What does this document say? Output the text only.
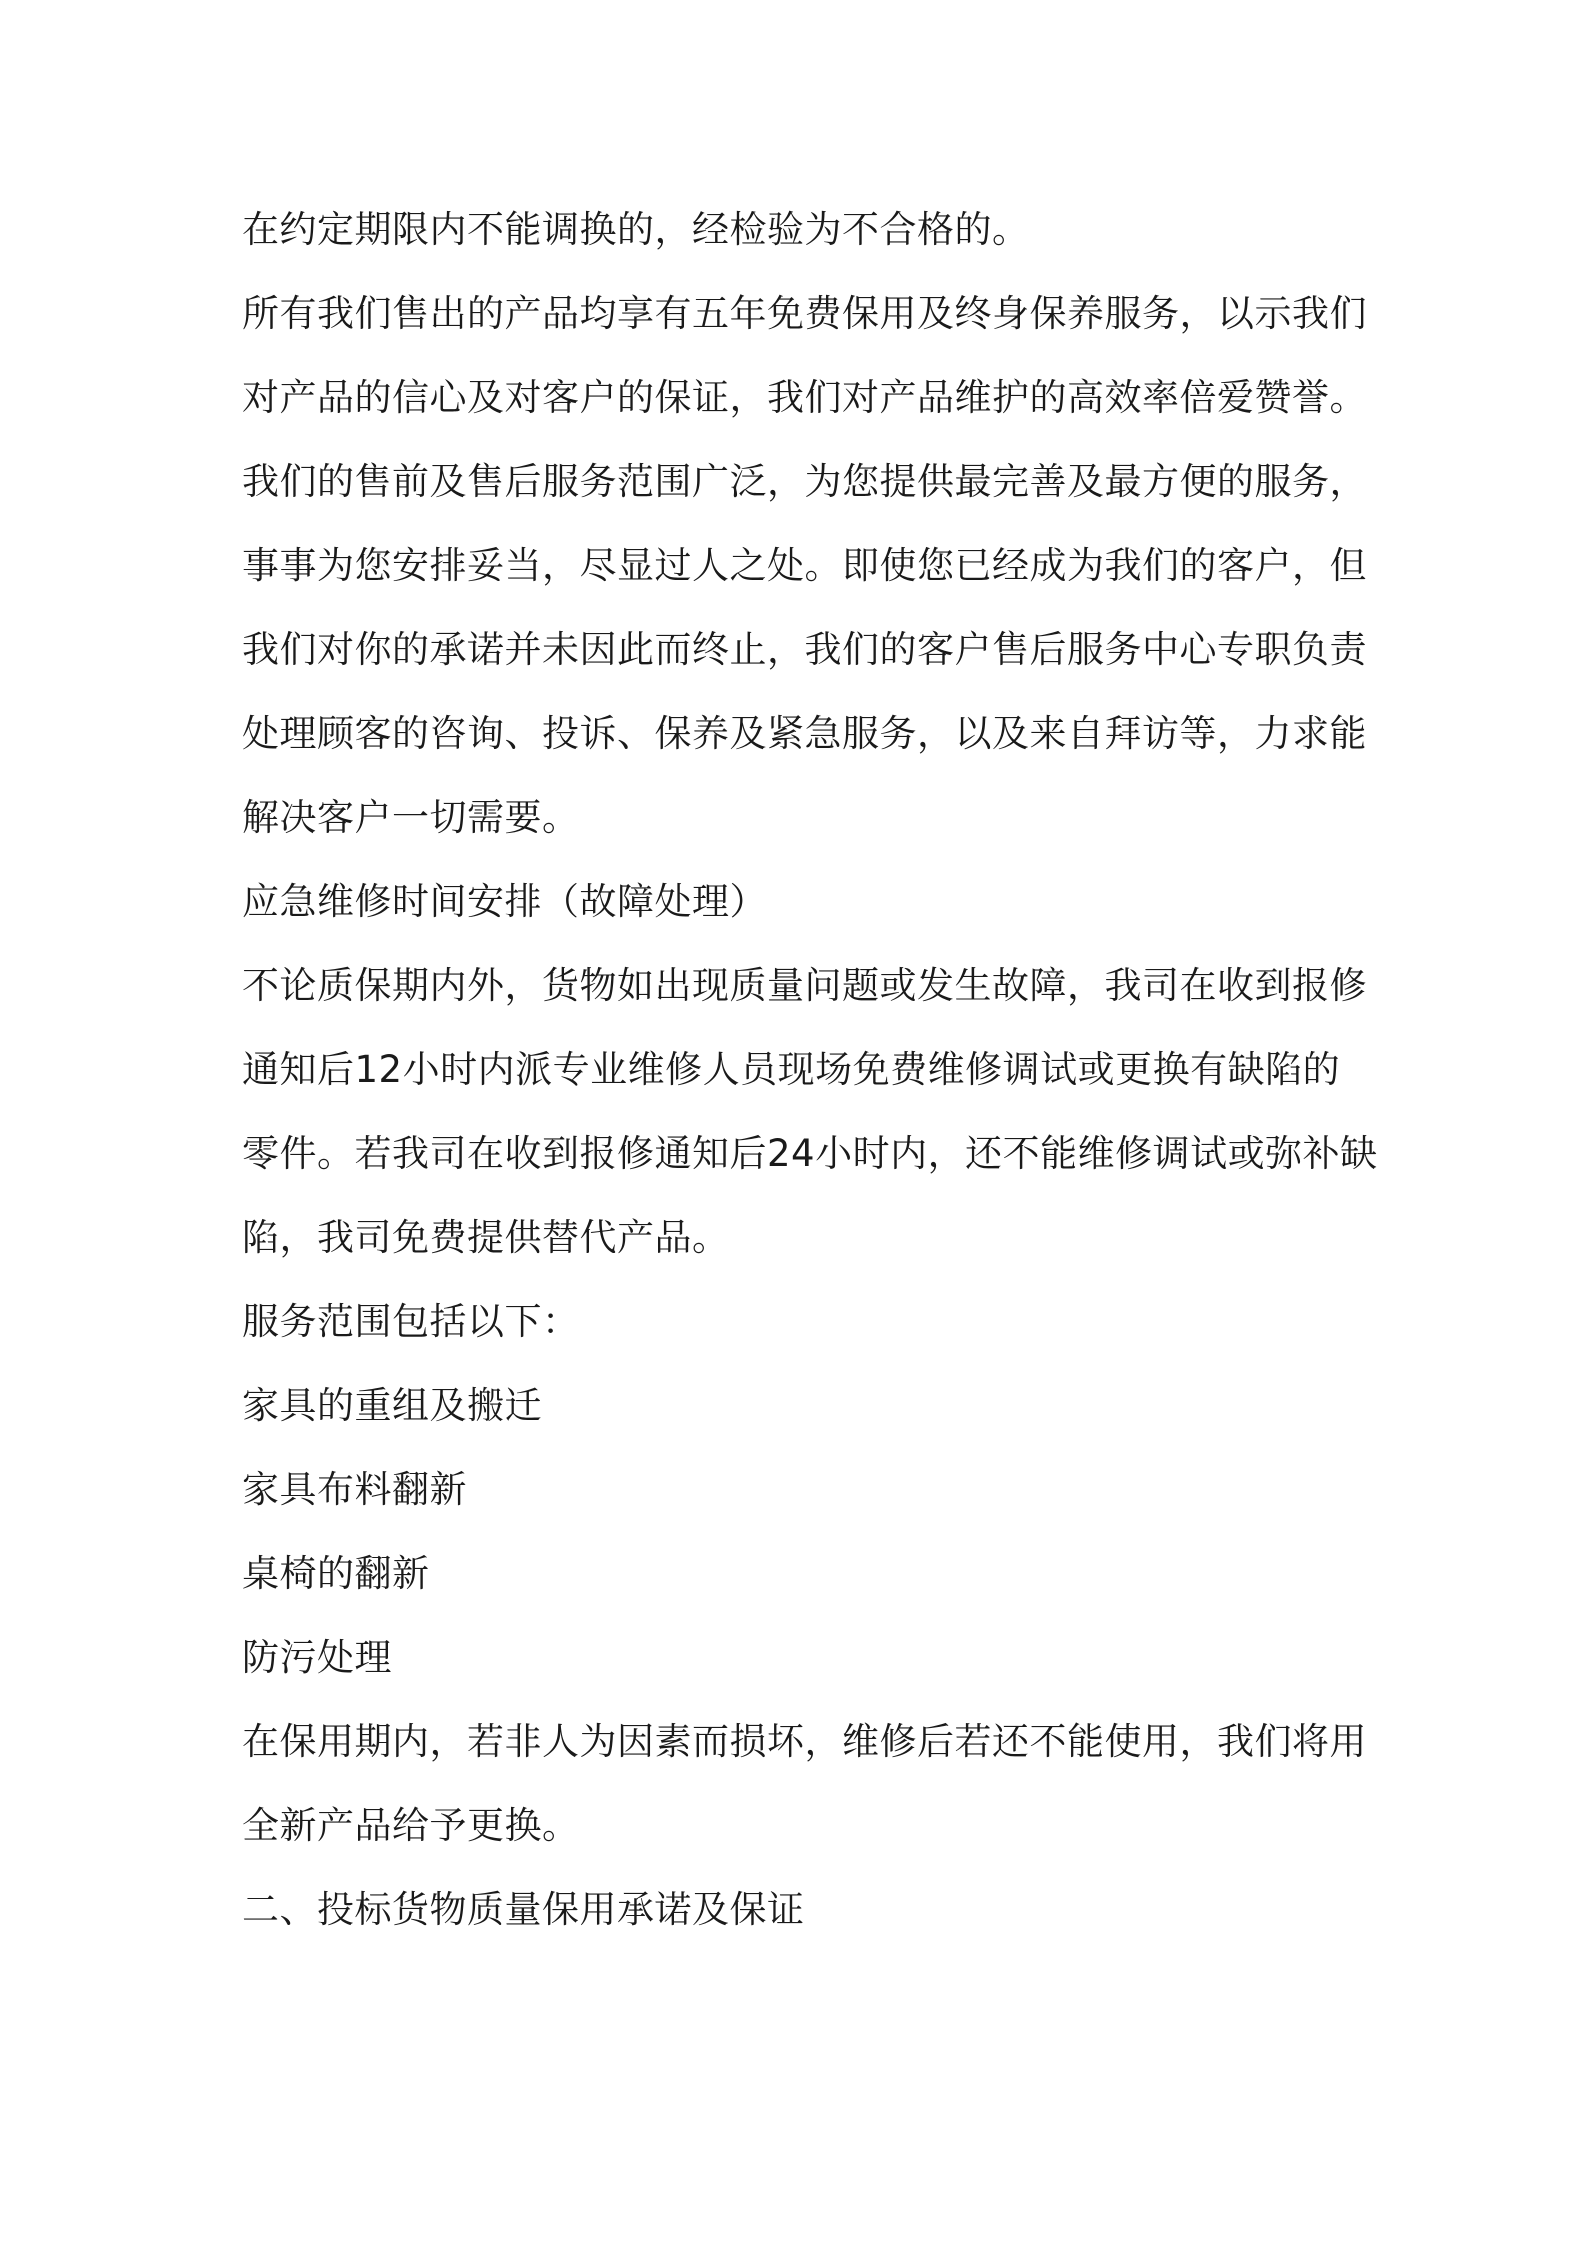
在约定期限内不能调换的，经检验为不合格的。
所有我们售出的产品均享有五年免费保用及终身保养服务，以示我们
对产品的信心及对客户的保证，我们对产品维护的高效率倍爱赞誉。
我们的售前及售后服务范围广泛，为您提供最完善及最方便的服务，
事事为您安排妥当，尽显过人之处。即使您已经成为我们的客户，但
我们对你的承诺并未因此而终止，我们的客户售后服务中心专职负责
处理顾客的咨询、投诉、保养及紧急服务，以及来自拜访等，力求能
解决客户一切需要。
应急维修时间安排（故障处理）
不论质保期内外，货物如出现质量问题或发生故障，我司在收到报修
通知后12小时内派专业维修人员现场免费维修调试或更换有缺陷的
零件。若我司在收到报修通知后24小时内，还不能维修调试或弥补缺
陷，我司免费提供替代产品。
服务范围包括以下：
家具的重组及搬迁
家具布料翻新
桌椅的翻新
防污处理
在保用期内，若非人为因素而损坏，维修后若还不能使用，我们将用
全新产品给予更换。
二、投标货物质量保用承诺及保证
